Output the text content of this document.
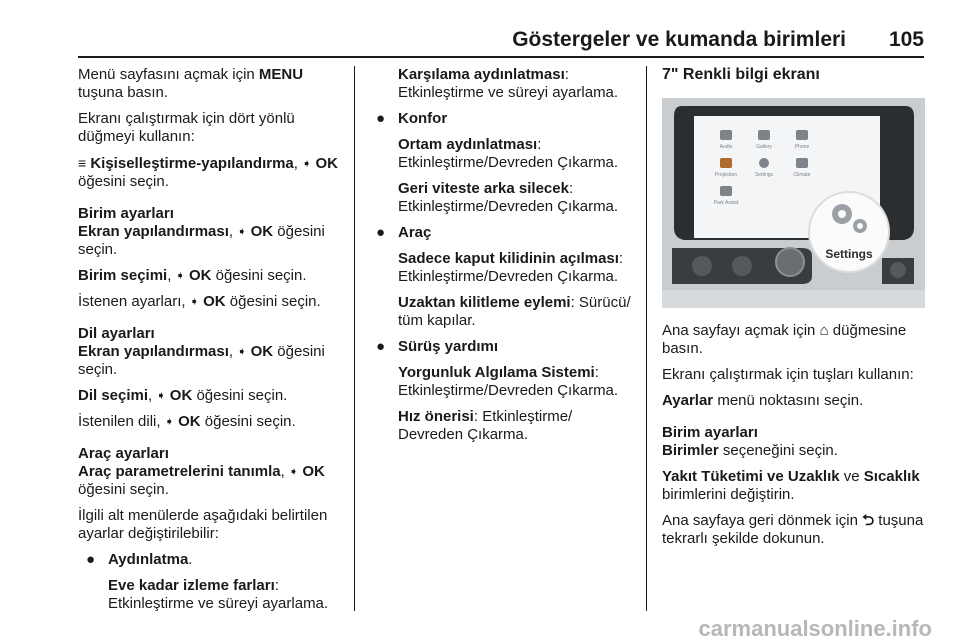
Göstergeler ve kumanda birimleri 105

Menü sayfasını açmak için MENU tuşuna basın.

Ekranı çalıştırmak için dört yönlü düğmeyi kullanın:

≡ Kişiselleştirme-yapılandırma, ➧ OK öğesini seçin.

Birim ayarları

Ekran yapılandırması, ➧ OK öğesini seçin.

Birim seçimi, ➧ OK öğesini seçin.

İstenen ayarları, ➧ OK öğesini seçin.

Dil ayarları

Ekran yapılandırması, ➧ OK öğesini seçin.

Dil seçimi, ➧ OK öğesini seçin.

İstenilen dili, ➧ OK öğesini seçin.

Araç ayarları

Araç parametrelerini tanımla, ➧ OK öğesini seçin.

İlgili alt menülerde aşağıdaki belirtilen ayarlar değiştirilebilir:

● Aydınlatma.

Eve kadar izleme farları: Etkinleştirme ve süreyi ayarlama.

Karşılama aydınlatması: Etkinleştirme ve süreyi ayarlama.

● Konfor

Ortam aydınlatması: Etkinleştirme/Devreden Çıkarma.

Geri viteste arka silecek: Etkinleştirme/Devreden Çıkarma.

● Araç

Sadece kaput kilidinin açılması: Etkinleştirme/Devreden Çıkarma.

Uzaktan kilitleme eylemi: Sürücü/ tüm kapılar.

● Sürüş yardımı

Yorgunluk Algılama Sistemi: Etkinleştirme/Devreden Çıkarma.

Hız önerisi: Etkinleştirme/ Devreden Çıkarma.

7" Renkli bilgi ekranı

Audio	Gallery	Phone
Projection	Settings	Climate
Park Assist
Settings

Ana sayfayı açmak için ⌂ düğmesine basın.

Ekranı çalıştırmak için tuşları kullanın:

Ayarlar menü noktasını seçin.

Birim ayarları

Birimler seçeneğini seçin.

Yakıt Tüketimi ve Uzaklık ve Sıcaklık birimlerini değiştirin.

Ana sayfaya geri dönmek için ⮌ tuşuna tekrarlı şekilde dokunun.

carmanualsonline.info
